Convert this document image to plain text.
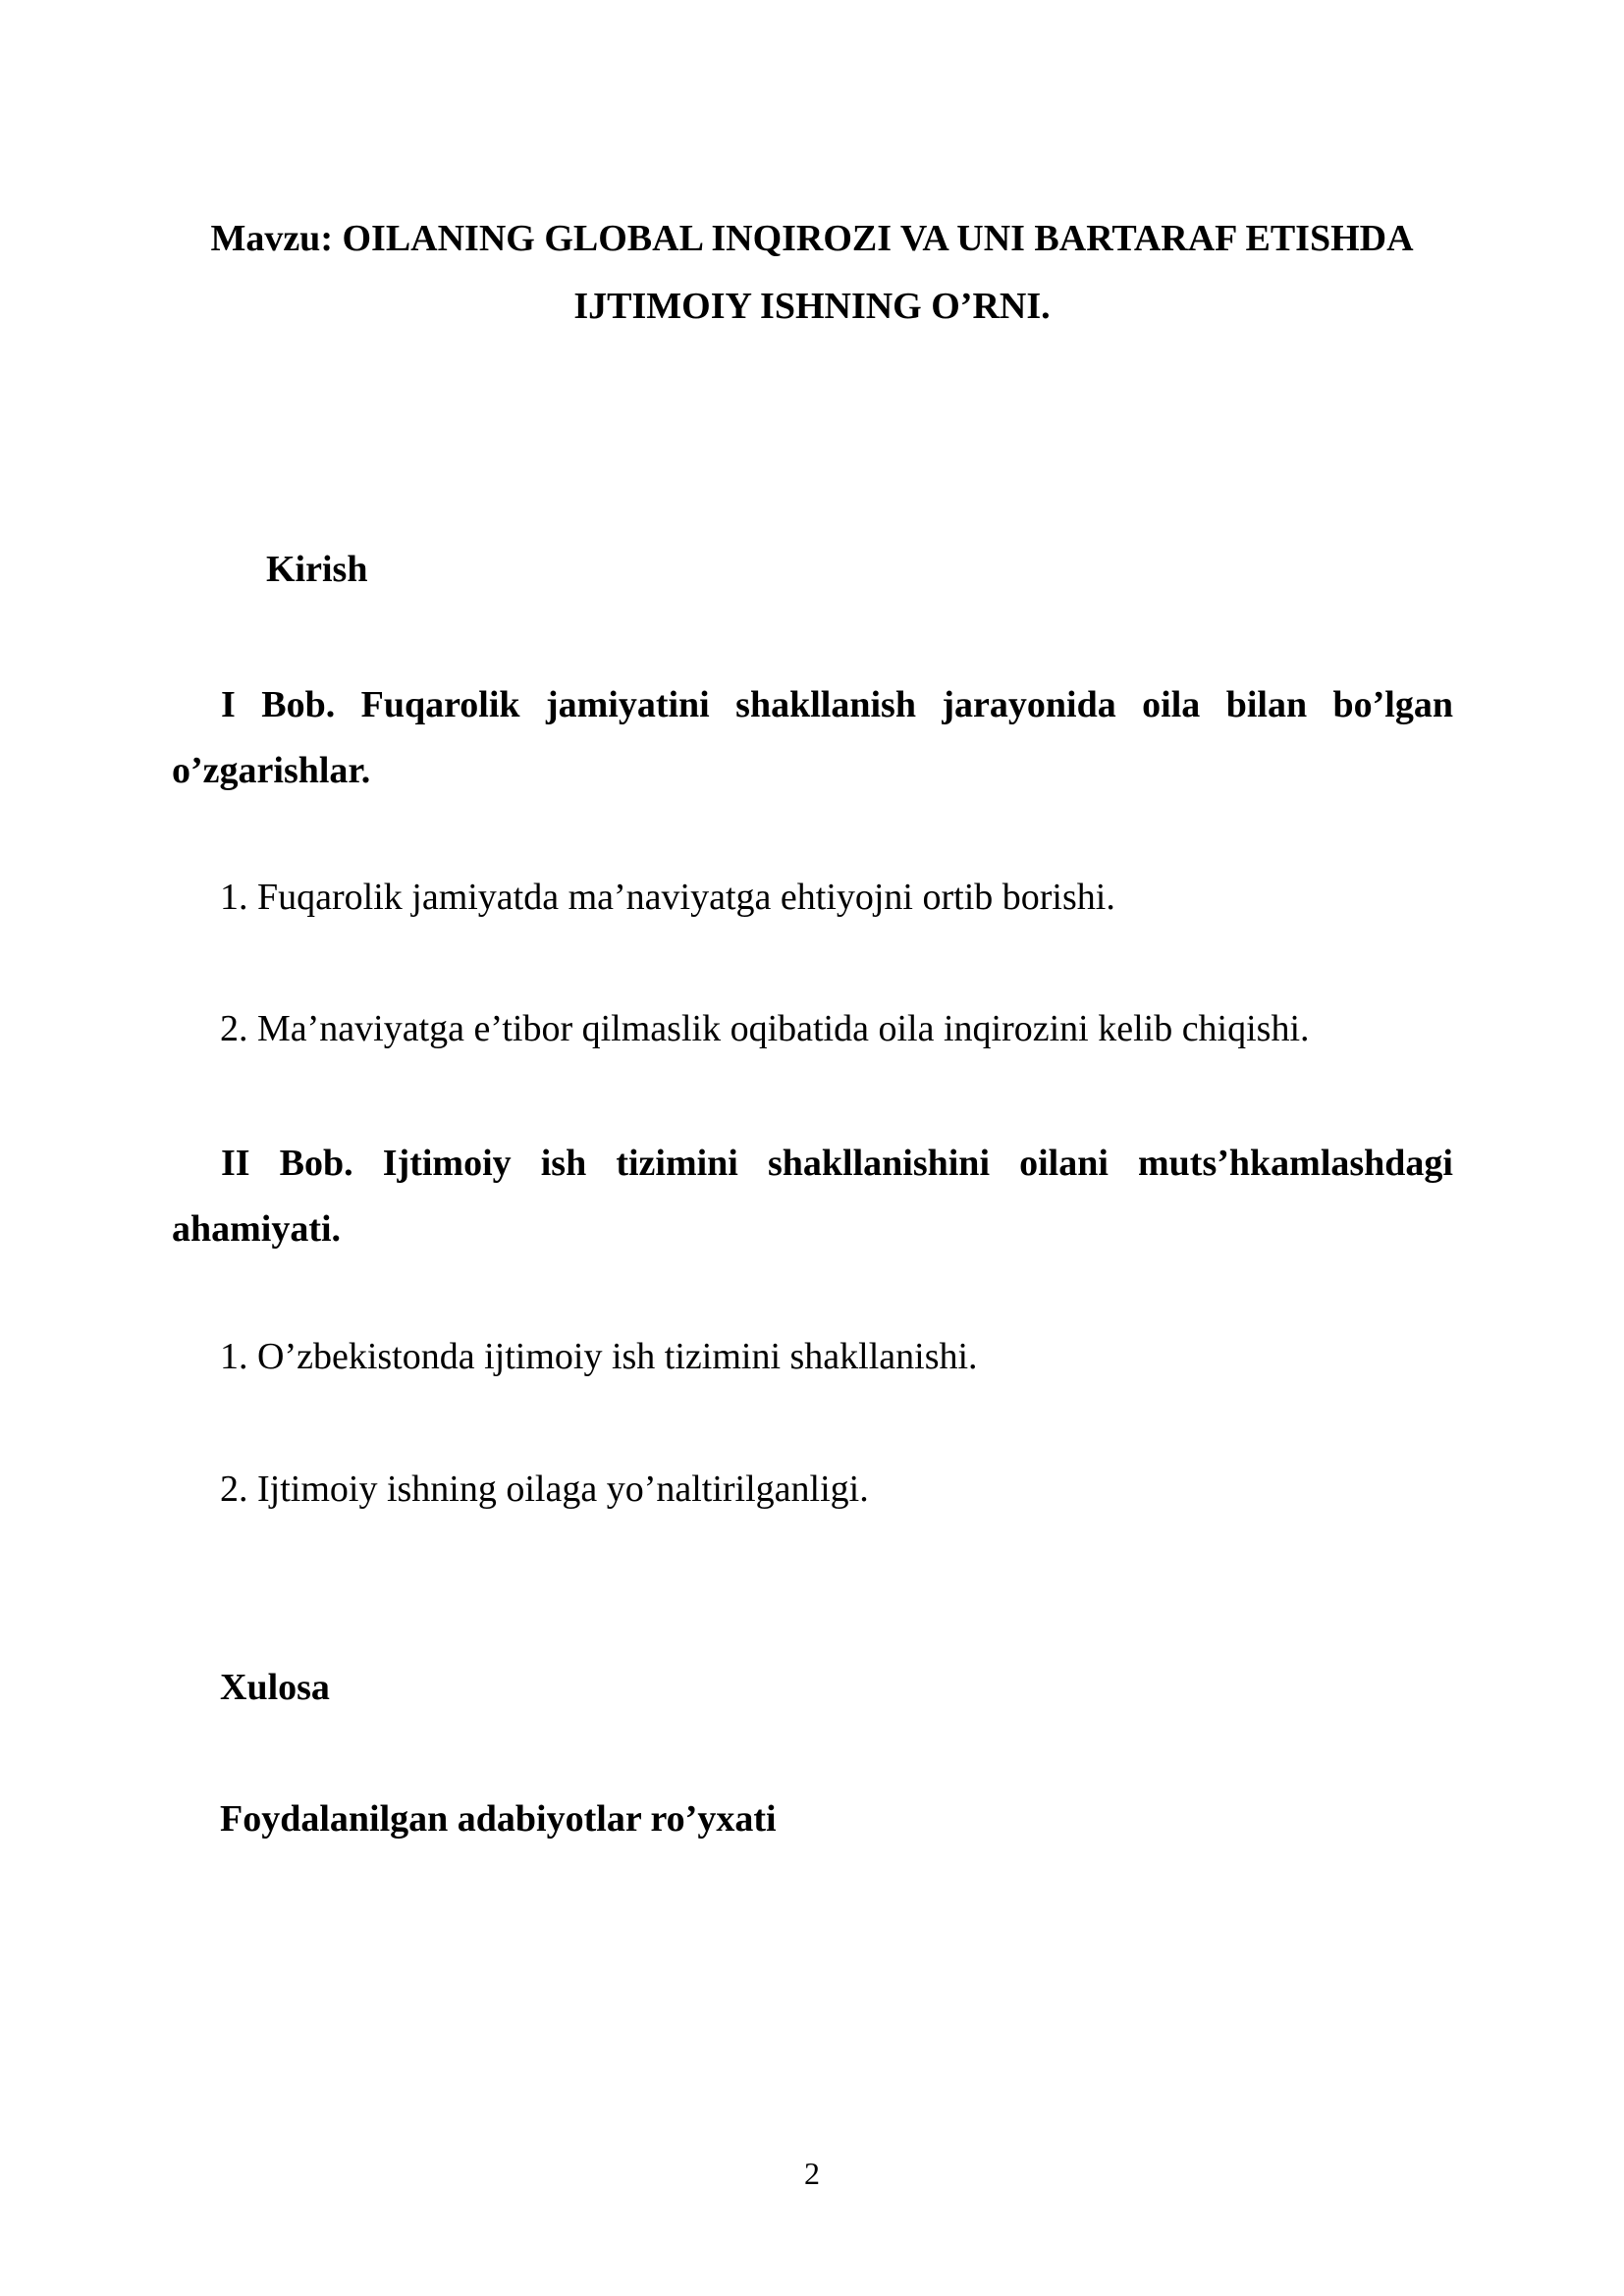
Mavzu: OILANING GLOBAL INQIROZI VA UNI BARTARAF ETISHDA
IJTIMOIY ISHNING O’RNI.
Kirish
I Bob. Fuqarolik jamiyatini shakllanish jarayonida oila bilan bo’lgan o’zgarishlar.
1. Fuqarolik jamiyatda ma’naviyatga ehtiyojni ortib borishi.
2. Ma’naviyatga e’tibor qilmaslik oqibatida oila inqirozini kelib chiqishi.
II Bob. Ijtimoiy ish tizimini shakllanishini oilani muts’hkamlashdagi ahamiyati.
1. O’zbekistonda ijtimoiy ish tizimini shakllanishi.
2. Ijtimoiy ishning oilaga yo’naltirilganligi.
Xulosa
Foydalanilgan adabiyotlar ro’yxati
2
